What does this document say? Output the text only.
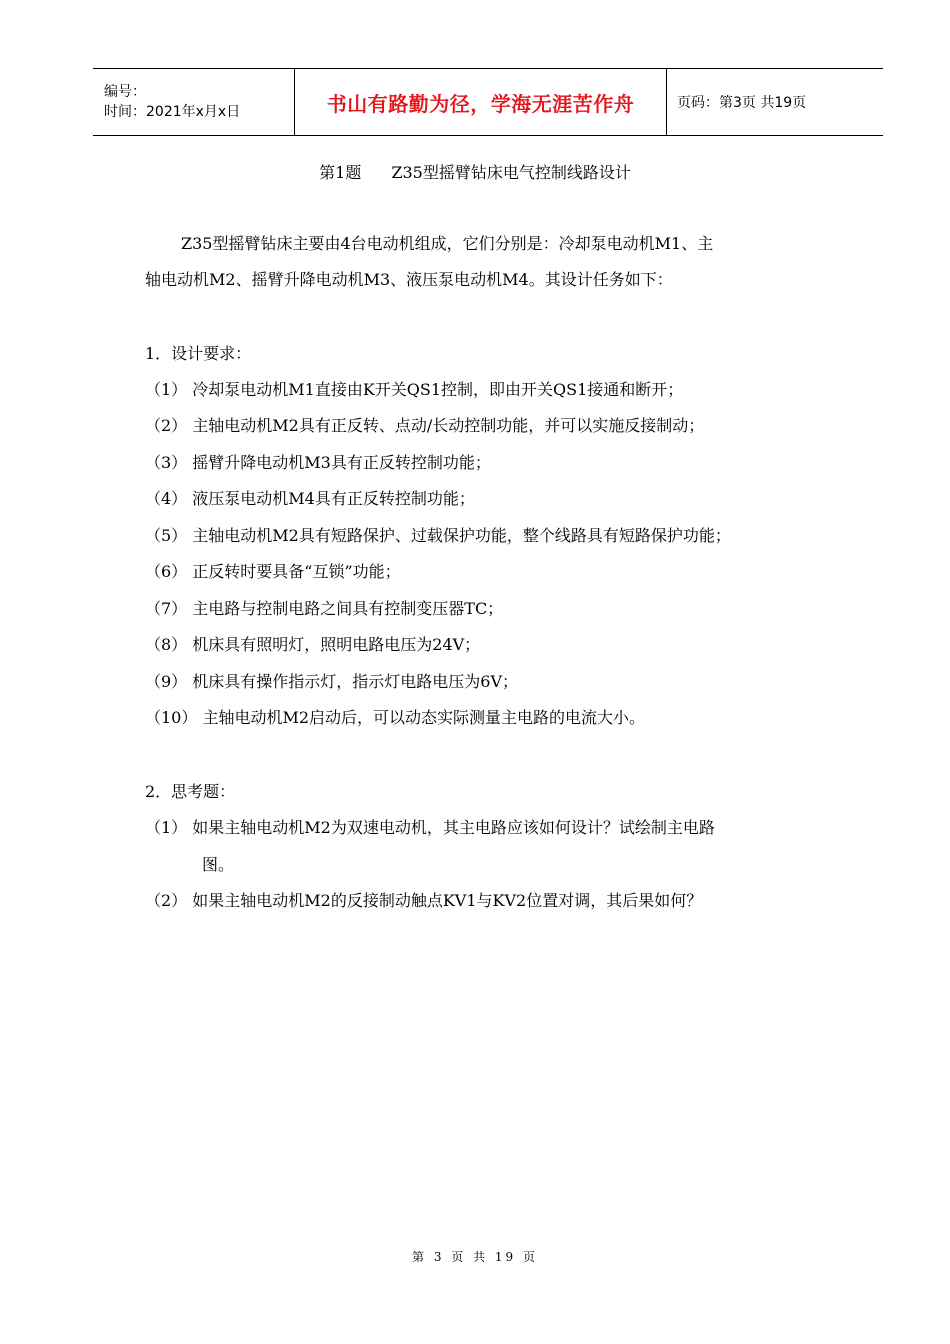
编号：
时间：2021年x月x日	书山有路勤为径，学海无涯苦作舟	页码：第3页 共19页
第1题 Z35型摇臂钻床电气控制线路设计
Z35型摇臂钻床主要由4台电动机组成，它们分别是：冷却泵电动机M1、主
轴电动机M2、摇臂升降电动机M3、液压泵电动机M4。其设计任务如下：
1．设计要求：
（1） 冷却泵电动机M1直接由K开关QS1控制，即由开关QS1接通和断开；
（2） 主轴电动机M2具有正反转、点动/长动控制功能，并可以实施反接制动；
（3） 摇臂升降电动机M3具有正反转控制功能；
（4） 液压泵电动机M4具有正反转控制功能；
（5） 主轴电动机M2具有短路保护、过载保护功能，整个线路具有短路保护功能；
（6） 正反转时要具备“互锁”功能；
（7） 主电路与控制电路之间具有控制变压器TC；
（8） 机床具有照明灯，照明电路电压为24V；
（9） 机床具有操作指示灯，指示灯电路电压为6V；
（10） 主轴电动机M2启动后，可以动态实际测量主电路的电流大小。
2．思考题：
（1） 如果主轴电动机M2为双速电动机，其主电路应该如何设计？试绘制主电路
图。
（2） 如果主轴电动机M2的反接制动触点KV1与KV2位置对调，其后果如何？
第 3 页 共 19 页
